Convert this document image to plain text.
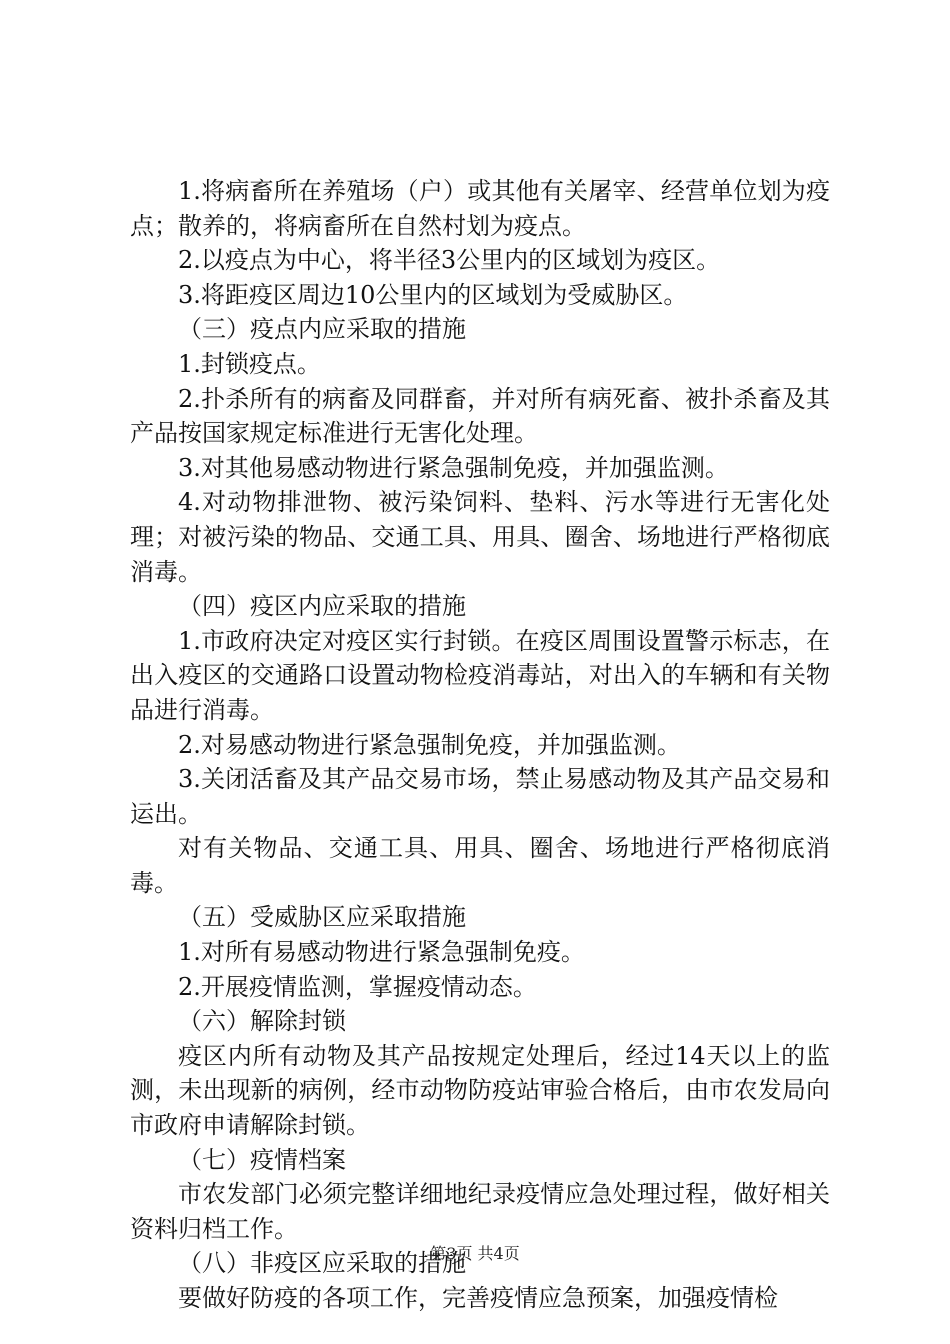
1.将病畜所在养殖场（户）或其他有关屠宰、经营单位划为疫点；散养的，将病畜所在自然村划为疫点。

2.以疫点为中心，将半径3公里内的区域划为疫区。

3.将距疫区周边10公里内的区域划为受威胁区。

（三）疫点内应采取的措施

1.封锁疫点。

2.扑杀所有的病畜及同群畜，并对所有病死畜、被扑杀畜及其产品按国家规定标准进行无害化处理。

3.对其他易感动物进行紧急强制免疫，并加强监测。

4.对动物排泄物、被污染饲料、垫料、污水等进行无害化处理；对被污染的物品、交通工具、用具、圈舍、场地进行严格彻底消毒。

（四）疫区内应采取的措施

1.市政府决定对疫区实行封锁。在疫区周围设置警示标志，在出入疫区的交通路口设置动物检疫消毒站，对出入的车辆和有关物品进行消毒。

2.对易感动物进行紧急强制免疫，并加强监测。

3.关闭活畜及其产品交易市场，禁止易感动物及其产品交易和运出。

对有关物品、交通工具、用具、圈舍、场地进行严格彻底消毒。

（五）受威胁区应采取措施

1.对所有易感动物进行紧急强制免疫。

2.开展疫情监测，掌握疫情动态。

（六）解除封锁

疫区内所有动物及其产品按规定处理后，经过14天以上的监测，未出现新的病例，经市动物防疫站审验合格后，由市农发局向市政府申请解除封锁。

（七）疫情档案

市农发部门必须完整详细地纪录疫情应急处理过程，做好相关资料归档工作。

（八）非疫区应采取的措施

要做好防疫的各项工作，完善疫情应急预案，加强疫情检

第3页 共4页
